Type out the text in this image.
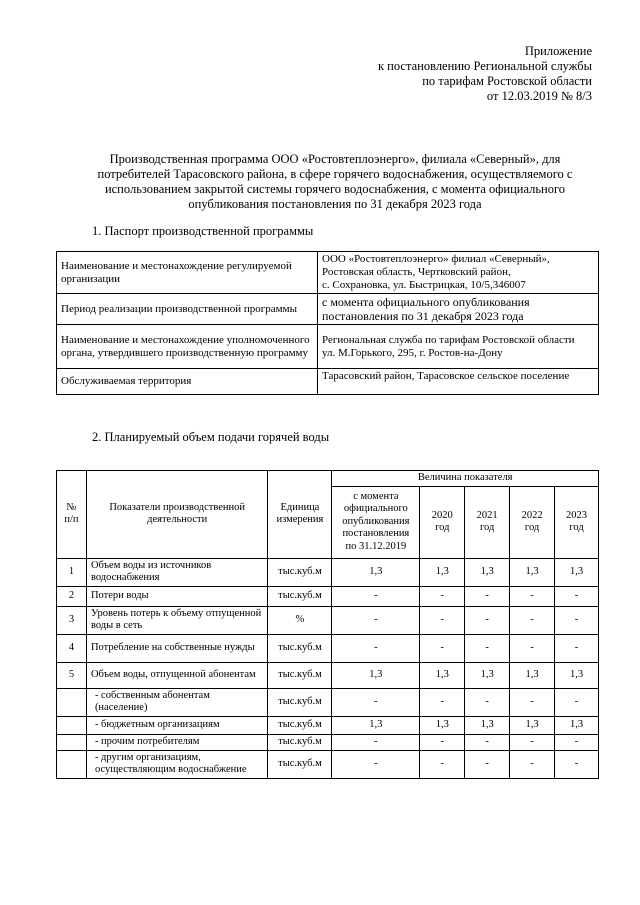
Приложение
к постановлению Региональной службы
по тарифам Ростовской области
от 12.03.2019 № 8/3
Производственная программа ООО «Ростовтеплоэнерго», филиала «Северный», для
потребителей Тарасовского района, в сфере горячего водоснабжения, осуществляемого с
использованием закрытой системы горячего водоснабжения, с момента официального
опубликования постановления по 31 декабря 2023 года
1. Паспорт производственной программы
Наименование и местонахождение регулируемой организации	ООО «Ростовтеплоэнерго» филиал «Северный»,
Ростовская область, Чертковский район,
с. Сохрановка, ул. Быстрицкая, 10/5,346007

Период реализации производственной программы	с момента официального опубликования
постановления по 31 декабря 2023 года

Наименование и местонахождение уполномоченного органа, утвердившего производственную программу	Региональная служба по тарифам Ростовской области
ул. М.Горького, 295, г. Ростов-на-Дону

Обслуживаемая территория	Тарасовский район, Тарасовское сельское поселение
2. Планируемый объем подачи горячей воды
№ п/п	Показатели производственной деятельности	Единица измерения	Величина показателя				
			с момента официального опубликования постановления по 31.12.2019	2020 год	2021 год	2022 год	2023 год
1	Объем воды из источников водоснабжения	тыс.куб.м	1,3	1,3	1,3	1,3	1,3
2	Потери воды	тыс.куб.м	-	-	-	-	-
3	Уровень потерь к объему отпущенной воды в сеть	%	-	-	-	-	-
4	Потребление на собственные нужды	тыс.куб.м	-	-	-	-	-
5	Объем воды, отпущенной абонентам	тыс.куб.м	1,3	1,3	1,3	1,3	1,3
	- собственным абонентам (население)	тыс.куб.м	-	-	-	-	-
	- бюджетным организациям	тыс.куб.м	1,3	1,3	1,3	1,3	1,3
	- прочим потребителям	тыс.куб.м	-	-	-	-	-
	- другим организациям, осуществляющим водоснабжение	тыс.куб.м	-	-	-	-	-
